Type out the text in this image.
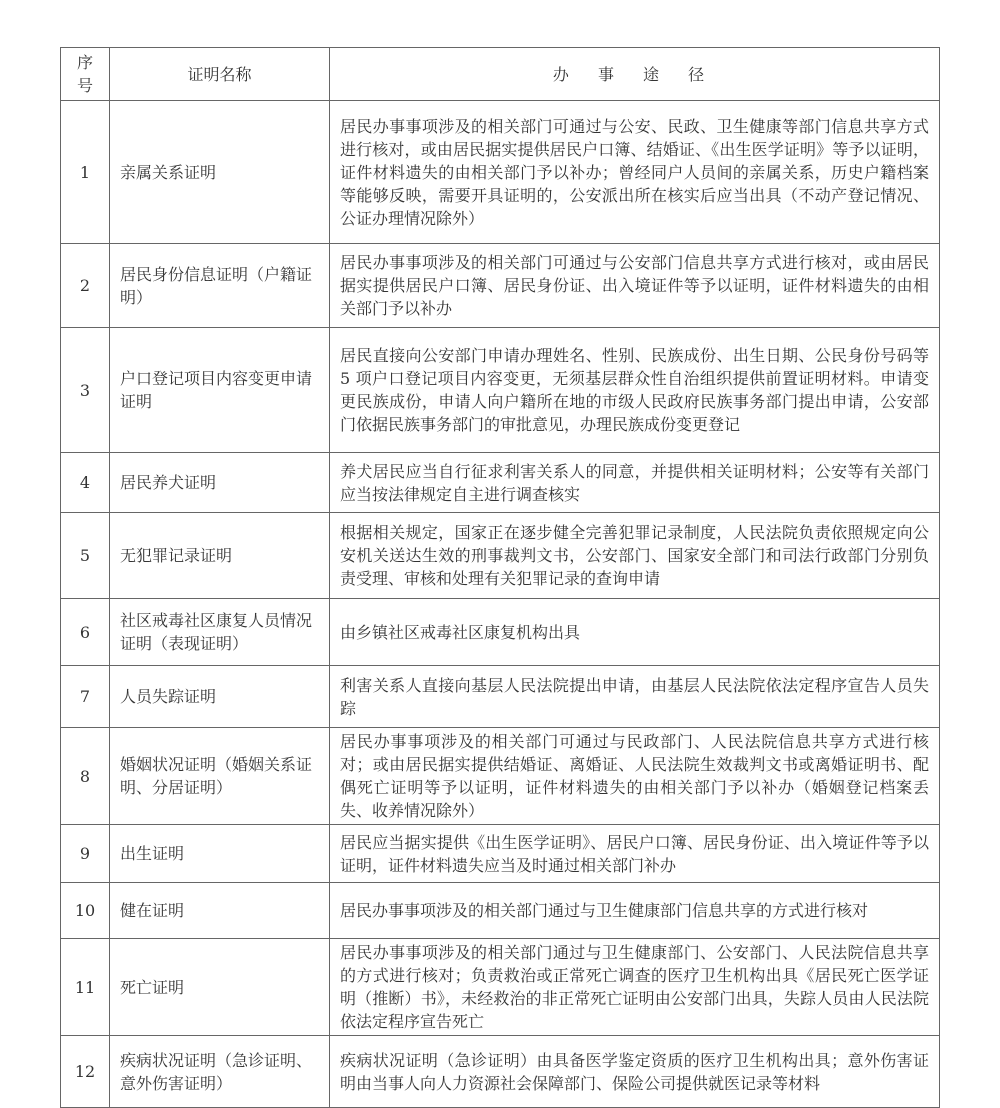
序号	证明名称	办 事 途 径
1	亲属关系证明	居民办事事项涉及的相关部门可通过与公安、民政、卫生健康等部门信息共享方式进行核对，或由居民据实提供居民户口簿、结婚证、《出生医学证明》等予以证明，证件材料遗失的由相关部门予以补办；曾经同户人员间的亲属关系，历史户籍档案等能够反映，需要开具证明的，公安派出所在核实后应当出具（不动产登记情况、公证办理情况除外）
2	居民身份信息证明（户籍证明）	居民办事事项涉及的相关部门可通过与公安部门信息共享方式进行核对，或由居民据实提供居民户口簿、居民身份证、出入境证件等予以证明，证件材料遗失的由相关部门予以补办
3	户口登记项目内容变更申请证明	居民直接向公安部门申请办理姓名、性别、民族成份、出生日期、公民身份号码等 5 项户口登记项目内容变更，无须基层群众性自治组织提供前置证明材料。申请变更民族成份，申请人向户籍所在地的市级人民政府民族事务部门提出申请，公安部门依据民族事务部门的审批意见，办理民族成份变更登记
4	居民养犬证明	养犬居民应当自行征求利害关系人的同意，并提供相关证明材料；公安等有关部门应当按法律规定自主进行调查核实
5	无犯罪记录证明	根据相关规定，国家正在逐步健全完善犯罪记录制度，人民法院负责依照规定向公安机关送达生效的刑事裁判文书，公安部门、国家安全部门和司法行政部门分别负责受理、审核和处理有关犯罪记录的查询申请
6	社区戒毒社区康复人员情况证明（表现证明）	由乡镇社区戒毒社区康复机构出具
7	人员失踪证明	利害关系人直接向基层人民法院提出申请，由基层人民法院依法定程序宣告人员失踪
8	婚姻状况证明（婚姻关系证明、分居证明）	居民办事事项涉及的相关部门可通过与民政部门、人民法院信息共享方式进行核对；或由居民据实提供结婚证、离婚证、人民法院生效裁判文书或离婚证明书、配偶死亡证明等予以证明，证件材料遗失的由相关部门予以补办（婚姻登记档案丢失、收养情况除外）
9	出生证明	居民应当据实提供《出生医学证明》、居民户口簿、居民身份证、出入境证件等予以证明，证件材料遗失应当及时通过相关部门补办
10	健在证明	居民办事事项涉及的相关部门通过与卫生健康部门信息共享的方式进行核对
11	死亡证明	居民办事事项涉及的相关部门通过与卫生健康部门、公安部门、人民法院信息共享的方式进行核对；负责救治或正常死亡调查的医疗卫生机构出具《居民死亡医学证明（推断）书》，未经救治的非正常死亡证明由公安部门出具，失踪人员由人民法院依法定程序宣告死亡
12	疾病状况证明（急诊证明、意外伤害证明）	疾病状况证明（急诊证明）由具备医学鉴定资质的医疗卫生机构出具；意外伤害证明由当事人向人力资源社会保障部门、保险公司提供就医记录等材料
